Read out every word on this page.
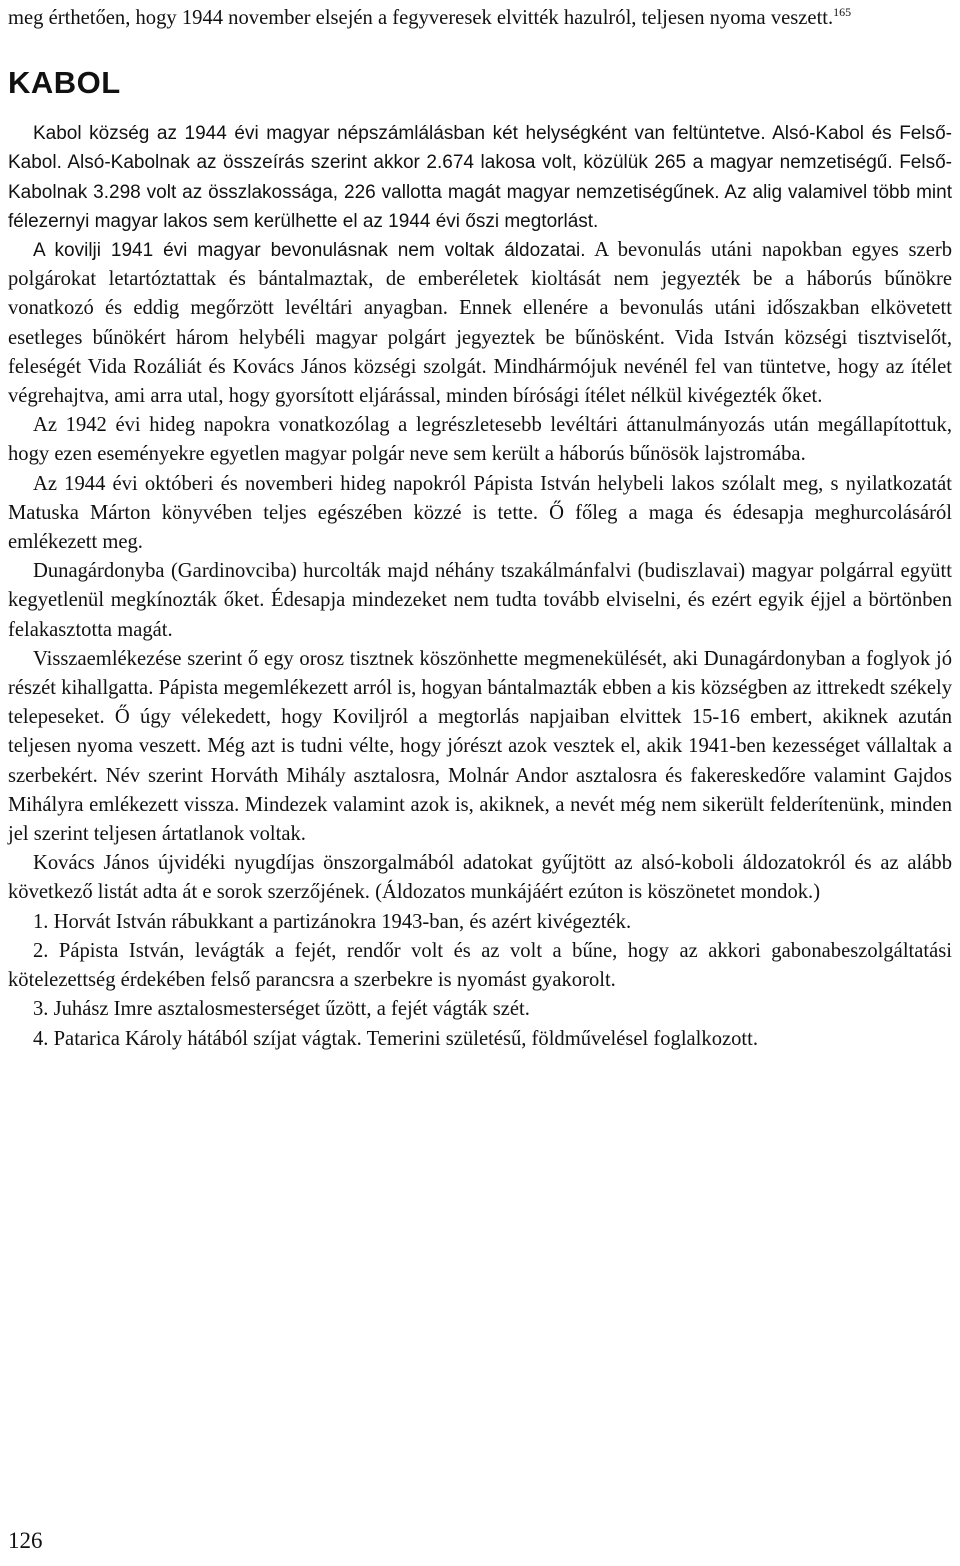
meg érthetően, hogy 1944 november elsején a fegyveresek elvitték hazulról, teljesen nyoma veszett.$^{165}$

KABOL

Kabol község az 1944 évi magyar népszámlálásban két helységként van feltüntetve. Alsó-Kabol és Felső-Kabol. Alsó-Kabolnak az összeírás szerint akkor 2.674 lakosa volt, közülük 265 a magyar nemzetiségű. Felső-Kabolnak 3.298 volt az összlakossága, 226 vallotta magát magyar nemzetiségűnek. Az alig valamivel több mint félezernyi magyar lakos sem kerülhette el az 1944 évi őszi megtorlást.

A kovilji 1941 évi magyar bevonulásnak nem voltak áldozatai. A bevonulás utáni napokban egyes szerb polgárokat letartóztattak és bántalmaztak, de emberéletek kioltását nem jegyezték be a háborús bűnökre vonatkozó és eddig megőrzött levéltári anyagban. Ennek ellenére a bevonulás utáni időszakban elkövetett esetleges bűnökért három helybéli magyar polgárt jegyeztek be bűnösként. Vida István községi tisztviselőt, feleségét Vida Rozáliát és Kovács János községi szolgát. Mindhármójuk nevénél fel van tüntetve, hogy az ítélet végrehajtva, ami arra utal, hogy gyorsított eljárással, minden bírósági ítélet nélkül kivégezték őket.

Az 1942 évi hideg napokra vonatkozólag a legrészletesebb levéltári áttanulmányozás után megállapítottuk, hogy ezen eseményekre egyetlen magyar polgár neve sem került a háborús bűnösök lajstromába.

Az 1944 évi októberi és novemberi hideg napokról Pápista István helybeli lakos szólalt meg, s nyilatkozatát Matuska Márton könyvében teljes egészében közzé is tette. Ő főleg a maga és édesapja meghurcolásáról emlékezett meg.

Dunagárdonyba (Gardinovciba) hurcolták majd néhány tszakálmánfalvi (budiszlavai) magyar polgárral együtt kegyetlenül megkínozták őket. Édesapja mindezeket nem tudta tovább elviselni, és ezért egyik éjjel a börtönben felakasztotta magát.

Visszaemlékezése szerint ő egy orosz tisztnek köszönhette megmenekülését, aki Dunagárdonyban a foglyok jó részét kihallgatta. Pápista megemlékezett arról is, hogyan bántalmazták ebben a kis községben az ittrekedt székely telepeseket. Ő úgy vélekedett, hogy Koviljról a megtorlás napjaiban elvittek 15-16 embert, akiknek azután teljesen nyoma veszett. Még azt is tudni vélte, hogy jórészt azok vesztek el, akik 1941-ben kezességet vállaltak a szerbekért. Név szerint Horváth Mihály asztalosra, Molnár Andor asztalosra és fakereskedőre valamint Gajdos Mihályra emlékezett vissza. Mindezek valamint azok is, akiknek, a nevét még nem sikerült felderítenünk, minden jel szerint teljesen ártatlanok voltak.

Kovács János újvidéki nyugdíjas önszorgalmából adatokat gyűjtött az alsó-koboli áldozatokról és az alább következő listát adta át e sorok szerzőjének. (Áldozatos munkájáért ezúton is köszönetet mondok.)

1. Horvát István rábukkant a partizánokra 1943-ban, és azért kivégezték.

2. Pápista István, levágták a fejét, rendőr volt és az volt a bűne, hogy az akkori gabonabeszolgáltatási kötelezettség érdekében felső parancsra a szerbekre is nyomást gyakorolt.

3. Juhász Imre asztalosmesterséget űzött, a fejét vágták szét.

4. Patarica Károly hátából szíjat vágtak. Temerini születésű, földművelésel foglalkozott.

126
